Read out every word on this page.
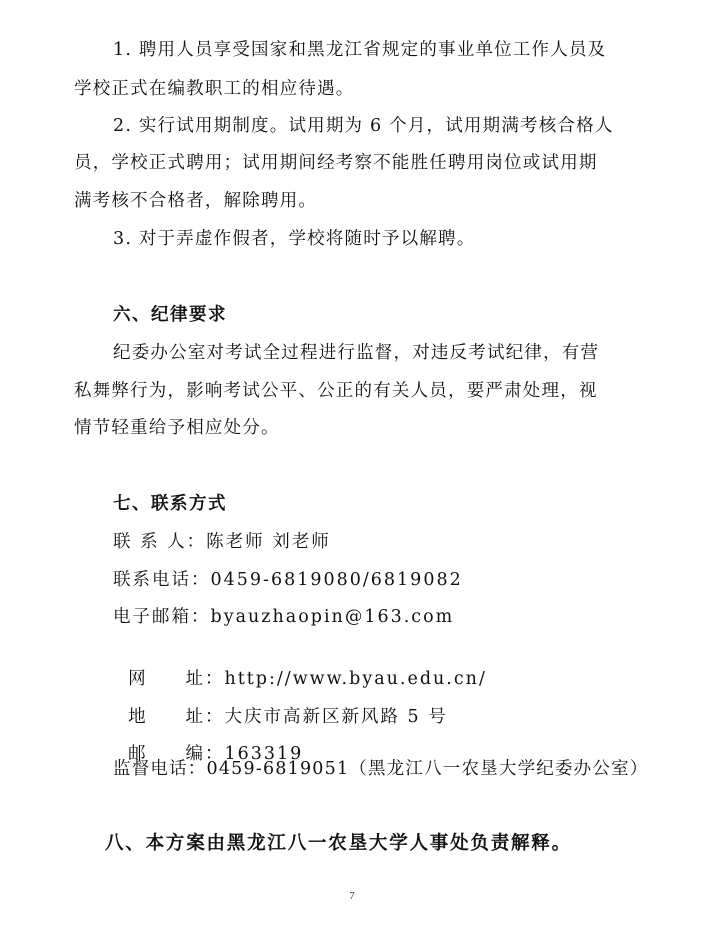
1. 聘用人员享受国家和黑龙江省规定的事业单位工作人员及
学校正式在编教职工的相应待遇。
2. 实行试用期制度。试用期为 6 个月，试用期满考核合格人
员，学校正式聘用；试用期间经考察不能胜任聘用岗位或试用期
满考核不合格者，解除聘用。
3. 对于弄虚作假者，学校将随时予以解聘。
六、纪律要求
纪委办公室对考试全过程进行监督，对违反考试纪律，有营
私舞弊行为，影响考试公平、公正的有关人员，要严肃处理，视
情节轻重给予相应处分。
七、联系方式
联 系 人：陈老师 刘老师
联系电话：0459-6819080/6819082
电子邮箱：byauzhaopin@163.com

网     址：http://www.byau.edu.cn/

地     址：大庆市高新区新风路 5 号

邮     编：163319

监督电话：0459-6819051（黑龙江八一农垦大学纪委办公室）
八、本方案由黑龙江八一农垦大学人事处负责解释。
7
